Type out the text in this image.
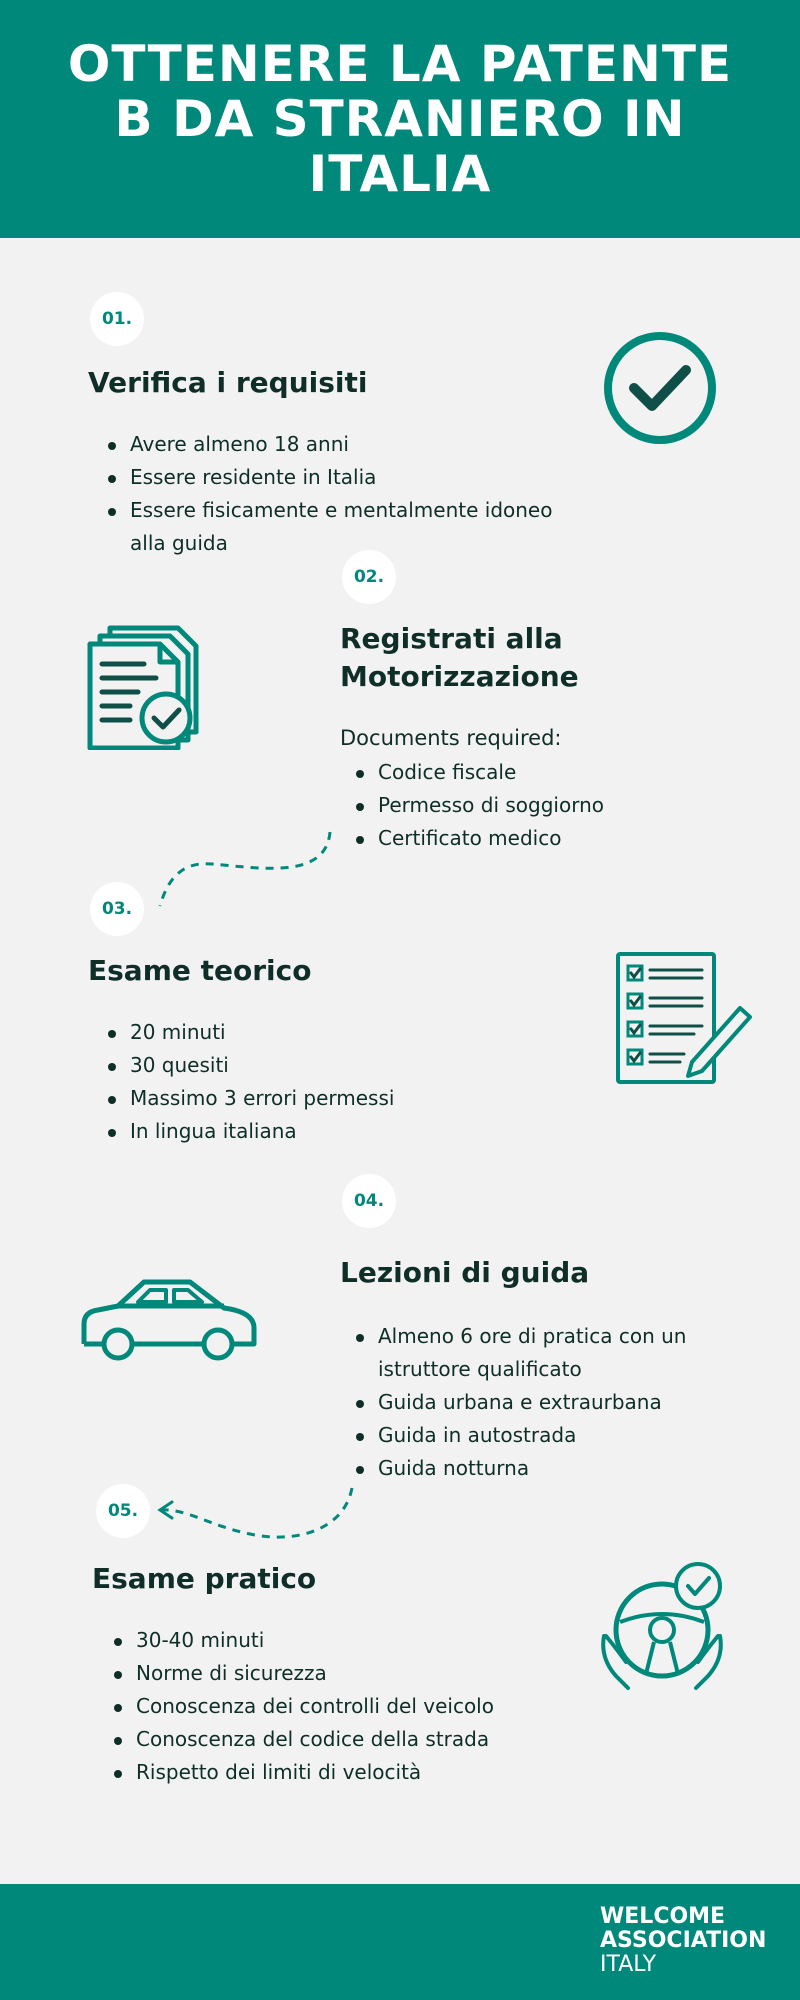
OTTENERE LA PATENTE B DA STRANIERO IN ITALIA
01.
Verifica i requisiti
Avere almeno 18 anni
Essere residente in Italia
Essere fisicamente e mentalmente idoneo alla guida
02.
Registrati alla Motorizzazione
Documents required:
Codice fiscale
Permesso di soggiorno
Certificato medico
03.
Esame teorico
20 minuti
30 quesiti
Massimo 3 errori permessi
In lingua italiana
04.
Lezioni di guida
Almeno 6 ore di pratica con un istruttore qualificato
Guida urbana e extraurbana
Guida in autostrada
Guida notturna
05.
Esame pratico
30-40 minuti
Norme di sicurezza
Conoscenza dei controlli del veicolo
Conoscenza del codice della strada
Rispetto dei limiti di velocità
WELCOME
ASSOCIATION
ITALY
